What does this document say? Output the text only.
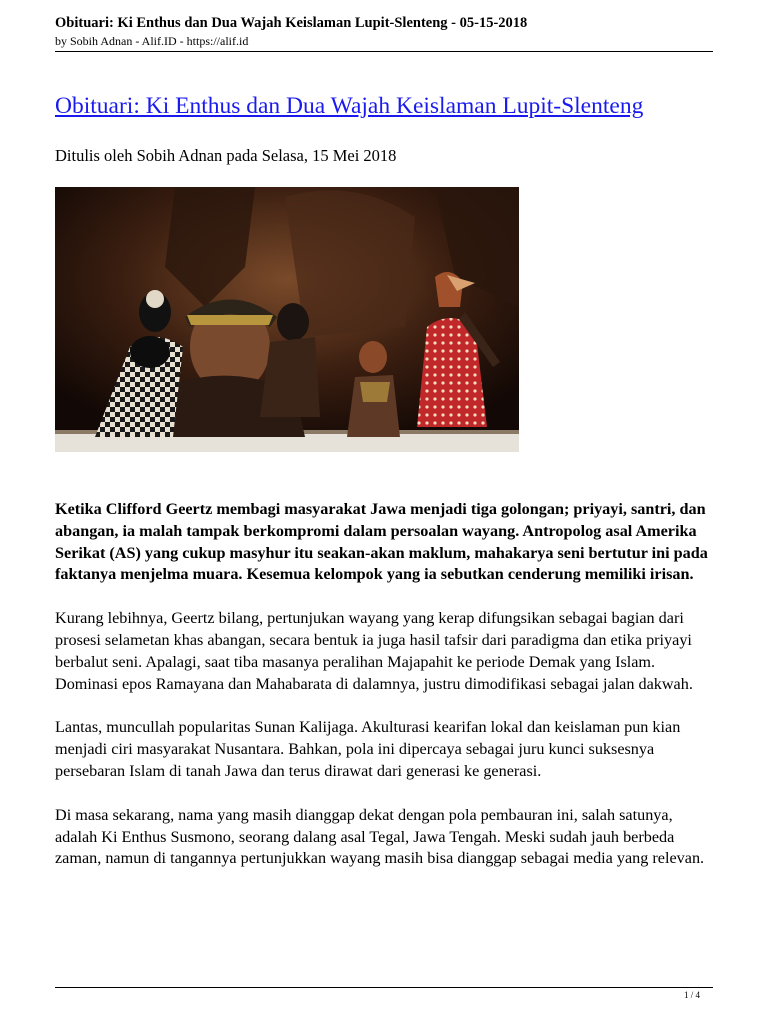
Obituari: Ki Enthus dan Dua Wajah Keislaman Lupit-Slenteng - 05-15-2018
by Sobih Adnan - Alif.ID - https://alif.id
Obituari: Ki Enthus dan Dua Wajah Keislaman Lupit-Slenteng
Ditulis oleh Sobih Adnan pada Selasa, 15 Mei 2018

Ketika Clifford Geertz membagi masyarakat Jawa menjadi tiga golongan; priyayi, santri, dan abangan, ia malah tampak berkompromi dalam persoalan wayang. Antropolog asal Amerika Serikat (AS) yang cukup masyhur itu seakan-akan maklum, mahakarya seni bertutur ini pada faktanya menjelma muara. Kesemua kelompok yang ia sebutkan cenderung memiliki irisan.

Kurang lebihnya, Geertz bilang, pertunjukan wayang yang kerap difungsikan sebagai bagian dari prosesi selametan khas abangan, secara bentuk ia juga hasil tafsir dari paradigma dan etika priyayi berbalut seni. Apalagi, saat tiba masanya peralihan Majapahit ke periode Demak yang Islam. Dominasi epos Ramayana dan Mahabarata di dalamnya, justru dimodifikasi sebagai jalan dakwah.

Lantas, muncullah popularitas Sunan Kalijaga. Akulturasi kearifan lokal dan keislaman pun kian menjadi ciri masyarakat Nusantara. Bahkan, pola ini dipercaya sebagai juru kunci suksesnya persebaran Islam di tanah Jawa dan terus dirawat dari generasi ke generasi.

Di masa sekarang, nama yang masih dianggap dekat dengan pola pembauran ini, salah satunya, adalah Ki Enthus Susmono, seorang dalang asal Tegal, Jawa Tengah. Meski sudah jauh berbeda zaman, namun di tangannya pertunjukkan wayang masih bisa dianggap sebagai media yang relevan.

1 / 4
